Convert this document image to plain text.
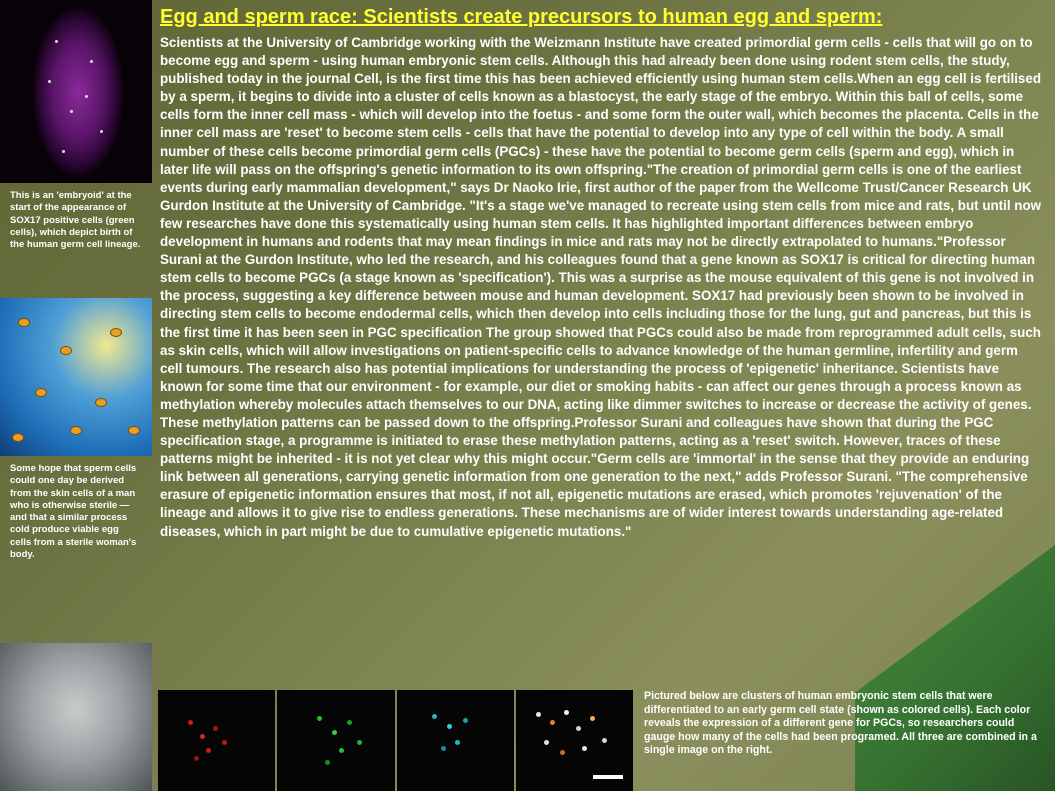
This is an 'embryoid' at the start of the appearance of SOX17 positive cells (green cells), which depict birth of the human germ cell lineage.
Some hope that sperm cells could one day be derived from the skin cells of a man who is otherwise sterile — and that a similar process cold produce viable egg cells from a sterile woman's body.
Egg and sperm race: Scientists create precursors to human egg and sperm:

Scientists at the University of Cambridge working with the Weizmann Institute have created primordial germ cells - cells that will go on to become egg and sperm - using human embryonic stem cells. Although this had already been done using rodent stem cells, the study, published today in the journal Cell, is the first time this has been achieved efficiently using human stem cells.When an egg cell is fertilised by a sperm, it begins to divide into a cluster of cells known as a blastocyst, the early stage of the embryo. Within this ball of cells, some cells form the inner cell mass - which will develop into the foetus - and some form the outer wall, which becomes the placenta. Cells in the inner cell mass are 'reset' to become stem cells - cells that have the potential to develop into any type of cell within the body. A small number of these cells become primordial germ cells (PGCs) - these have the potential to become germ cells (sperm and egg), which in later life will pass on the offspring's genetic information to its own offspring."The creation of primordial germ cells is one of the earliest events during early mammalian development," says Dr Naoko Irie, first author of the paper from the Wellcome Trust/Cancer Research UK Gurdon Institute at the University of Cambridge. "It's a stage we've managed to recreate using stem cells from mice and rats, but until now few researches have done this systematically using human stem cells. It has highlighted important differences between embryo development in humans and rodents that may mean findings in mice and rats may not be directly extrapolated to humans."Professor Surani at the Gurdon Institute, who led the research, and his colleagues found that a gene known as SOX17 is critical for directing human stem cells to become PGCs (a stage known as 'specification'). This was a surprise as the mouse equivalent of this gene is not involved in the process, suggesting a key difference between mouse and human development. SOX17 had previously been shown to be involved in directing stem cells to become endodermal cells, which then develop into cells including those for the lung, gut and pancreas, but this is the first time it has been seen in PGC specification The group showed that PGCs could also be made from reprogrammed adult cells, such as skin cells, which will allow investigations on patient-specific cells to advance knowledge of the human germline, infertility and germ cell tumours. The research also has potential implications for understanding the process of 'epigenetic' inheritance. Scientists have known for some time that our environment - for example, our diet or smoking habits - can affect our genes through a process known as methylation whereby molecules attach themselves to our DNA, acting like dimmer switches to increase or decrease the activity of genes. These methylation patterns can be passed down to the offspring.Professor Surani and colleagues have shown that during the PGC specification stage, a programme is initiated to erase these methylation patterns, acting as a 'reset' switch. However, traces of these patterns might be inherited - it is not yet clear why this might occur."Germ cells are 'immortal' in the sense that they provide an enduring link between all generations, carrying genetic information from one generation to the next," adds Professor Surani. "The comprehensive erasure of epigenetic information ensures that most, if not all, epigenetic mutations are erased, which promotes 'rejuvenation' of the lineage and allows it to give rise to endless generations. These mechanisms are of wider interest towards understanding age-related diseases, which in part might be due to cumulative epigenetic mutations."

Pictured below are clusters of human embryonic stem cells that were differentiated to an early germ cell state (shown as colored cells). Each color reveals the expression of a different gene for PGCs, so researchers could gauge how many of the cells had been programed. All three are combined in a single image on the right.
